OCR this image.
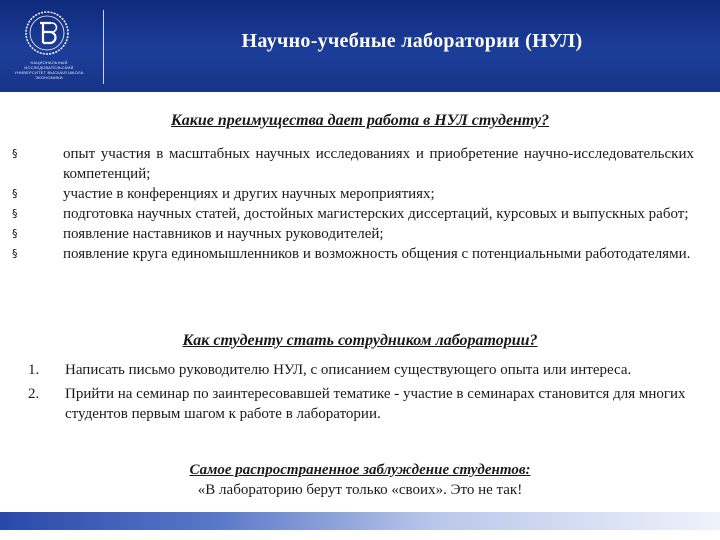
НАЦИОНАЛЬНЫЙ ИССЛЕДОВАТЕЛЬСКИЙ УНИВЕРСИТЕТ ВЫСШАЯ ШКОЛА ЭКОНОМИКИ
Научно-учебные лаборатории (НУЛ)
Какие преимущества дает работа в НУЛ студенту?
§	опыт участия в масштабных научных исследованиях и приобретение научно-исследовательских компетенций;
§	участие в конференциях и других научных мероприятиях;
§	подготовка научных статей, достойных магистерских диссертаций, курсовых и выпускных работ;
§	появление наставников и научных руководителей;
§	появление круга единомышленников и возможность общения с потенциальными работодателями.
Как студенту стать сотрудником лаборатории?
1. Написать письмо руководителю НУЛ, с описанием существующего опыта или интереса.
2. Прийти на семинар по заинтересовавшей тематике - участие в семинарах становится для многих студентов первым шагом к работе в лаборатории.
Самое распространенное заблуждение студентов:
«В лабораторию берут только «своих». Это не так!
